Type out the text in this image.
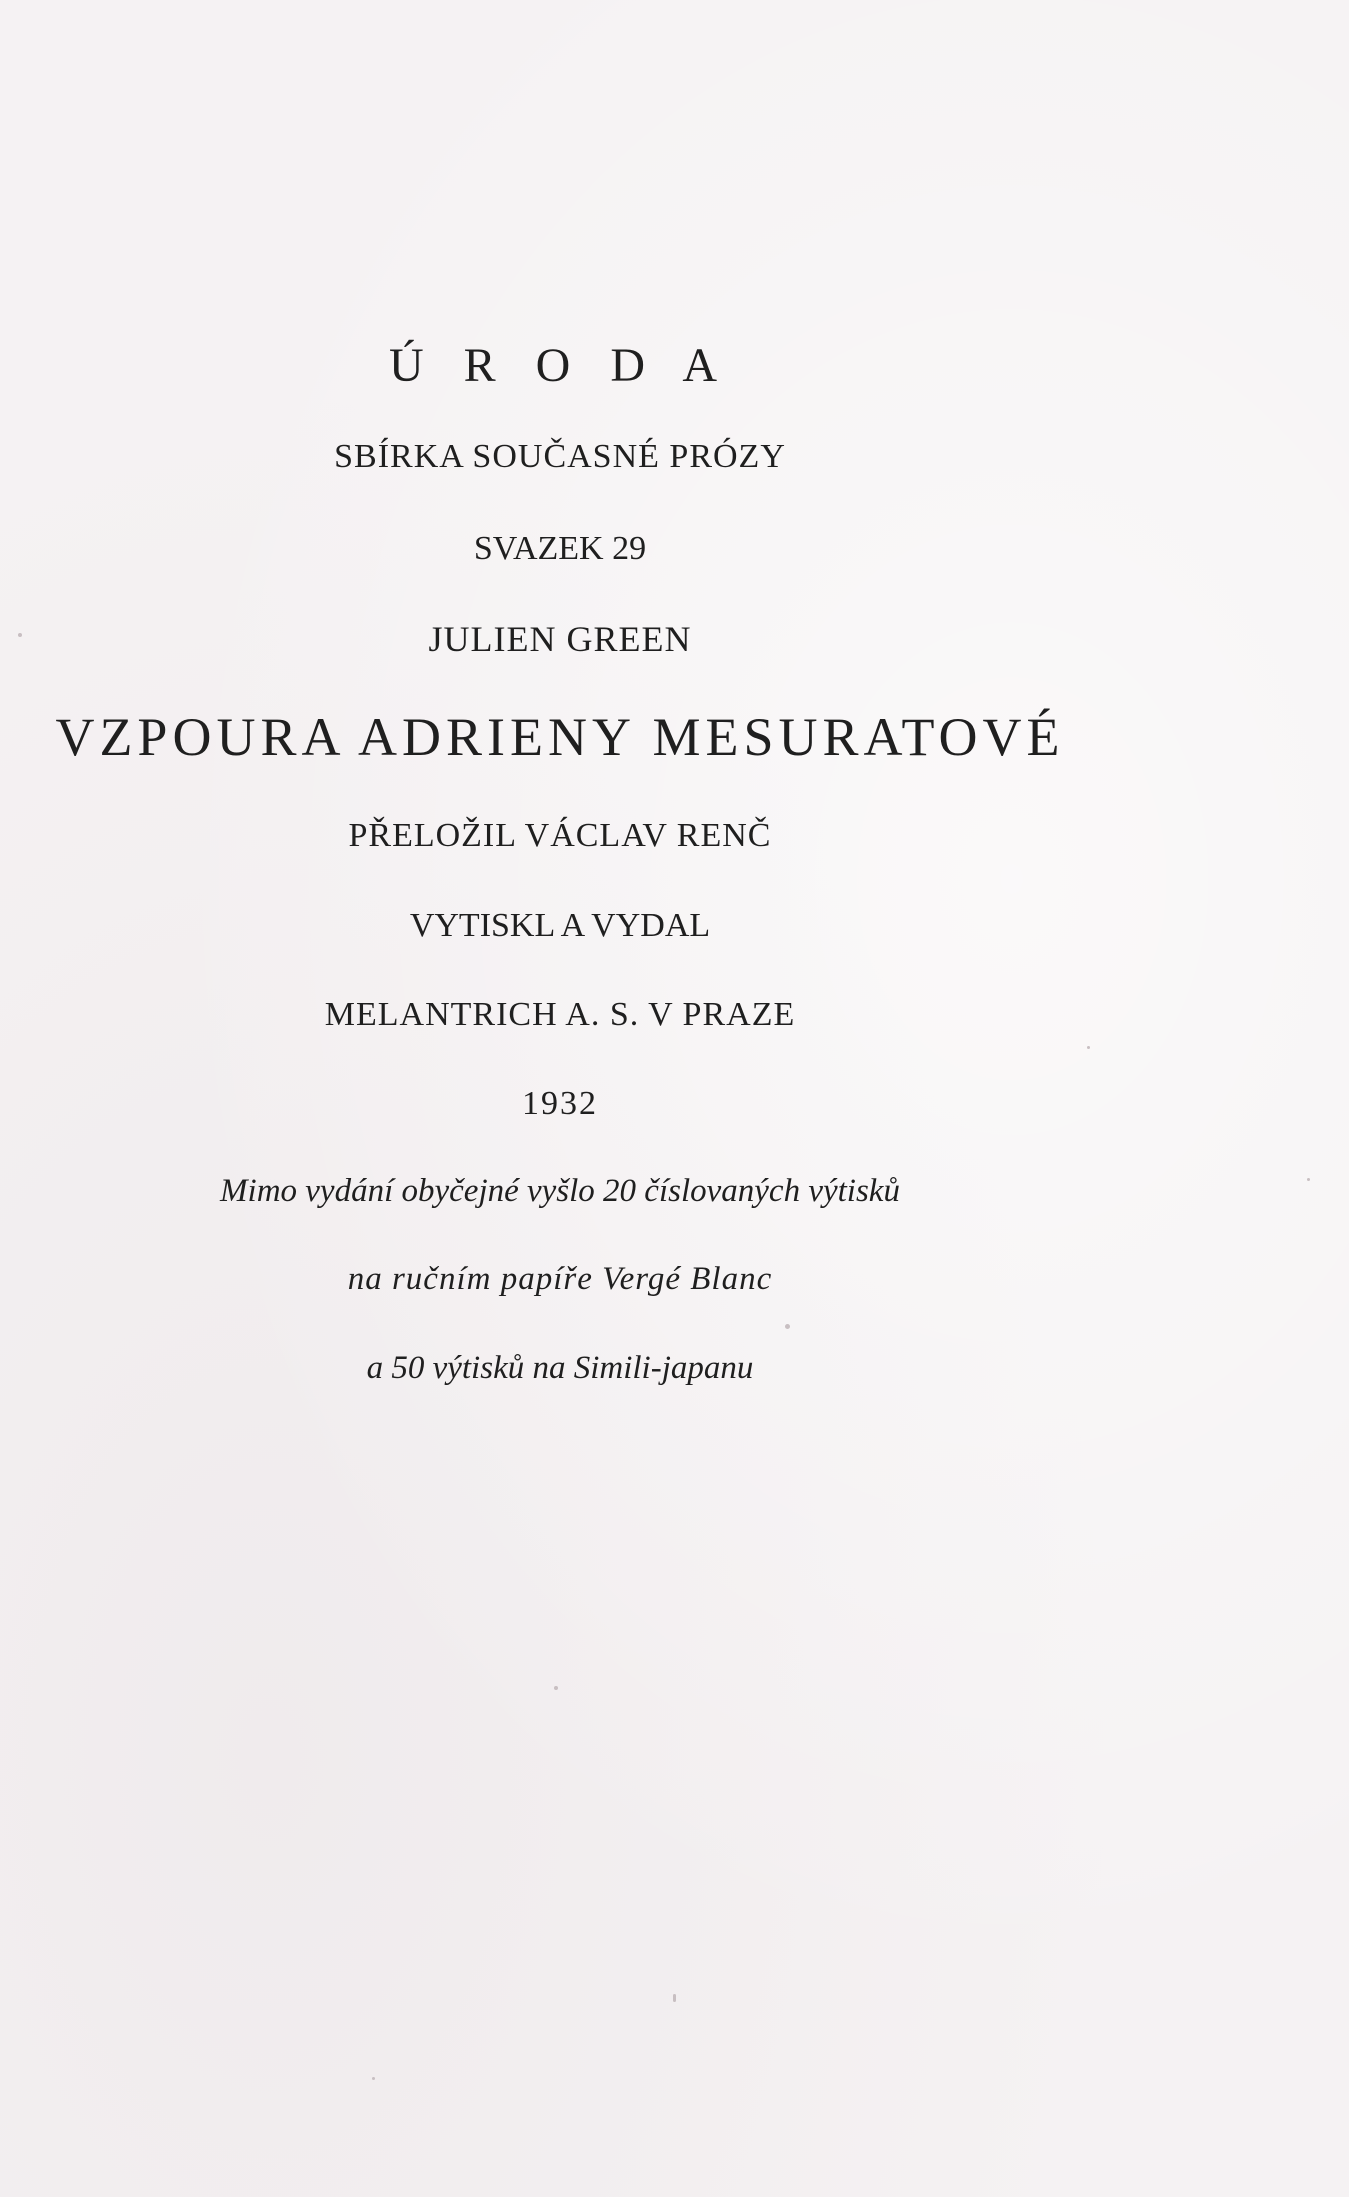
Ú R O D A
SBÍRKA SOUČASNÉ PRÓZY
SVAZEK 29
JULIEN GREEN
VZPOURA ADRIENY MESURATOVÉ
PŘELOŽIL VÁCLAV RENČ
VYTISKL A VYDAL
MELANTRICH A. S. V PRAZE
1932
Mimo vydání obyčejné vyšlo 20 číslovaných výtisků
na ručním papíře Vergé Blanc
a 50 výtisků na Simili-japanu
